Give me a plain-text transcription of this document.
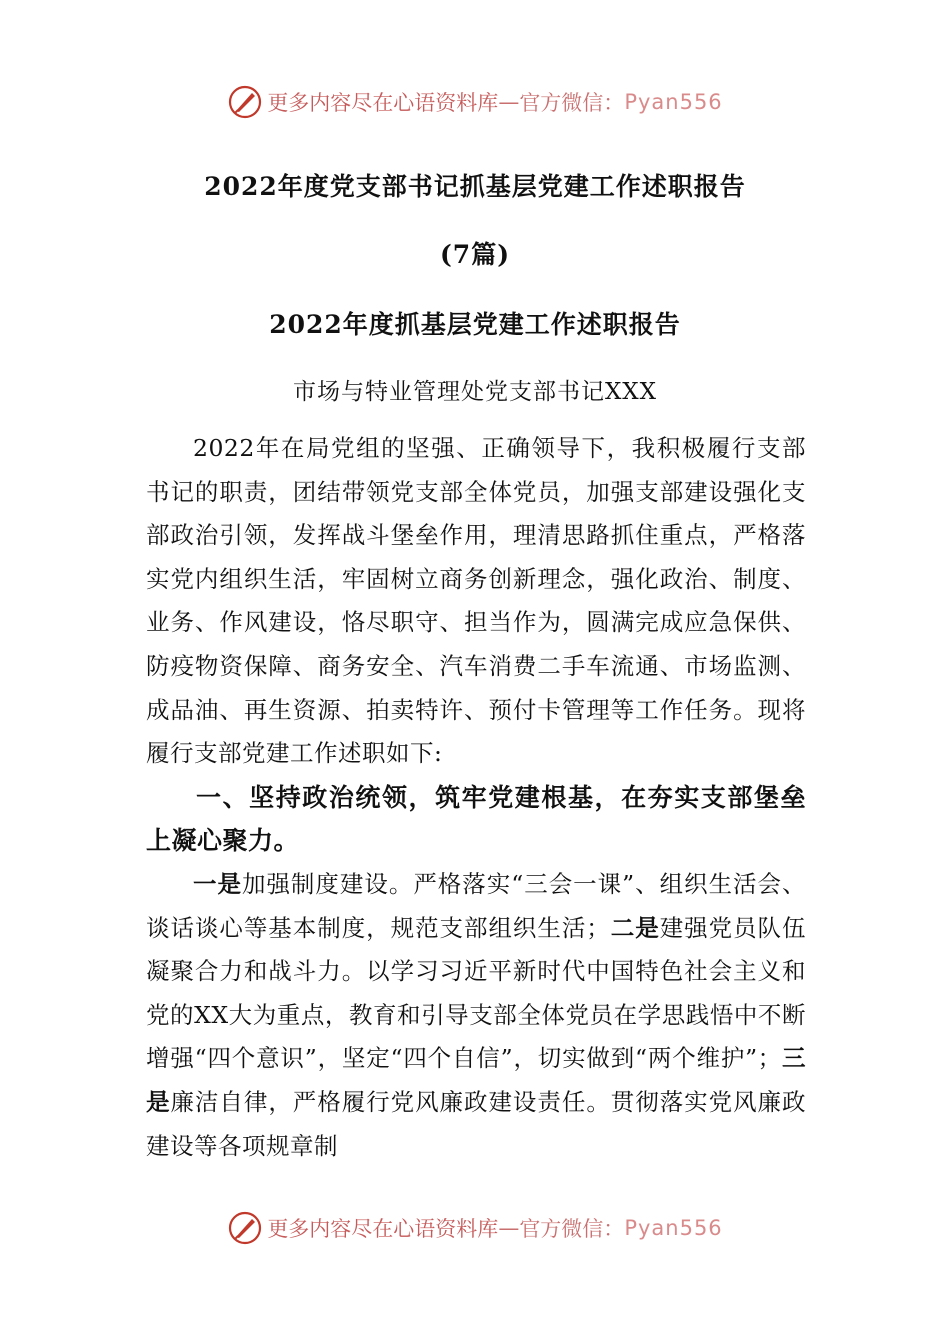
更多内容尽在心语资料库 — 官方微信： Pyan556
2022年度党支部书记抓基层党建工作述职报告
(7篇)
2022年度抓基层党建工作述职报告
市场与特业管理处党支部书记XXX

2022年在局党组的坚强、正确领导下，我积极履行支部书记的职责，团结带领党支部全体党员，加强支部建设强化支部政治引领，发挥战斗堡垒作用，理清思路抓住重点，严格落实党内组织生活，牢固树立商务创新理念，强化政治、制度、业务、作风建设，恪尽职守、担当作为，圆满完成应急保供、防疫物资保障、商务安全、汽车消费二手车流通、市场监测、成品油、再生资源、拍卖特许、预付卡管理等工作任务。现将履行支部党建工作述职如下:

一、坚持政治统领，筑牢党建根基，在夯实支部堡垒上凝心聚力。

一是加强制度建设。严格落实“三会一课”、组织生活会、谈话谈心等基本制度，规范支部组织生活；二是建强党员队伍凝聚合力和战斗力。以学习习近平新时代中国特色社会主义和党的XX大为重点，教育和引导支部全体党员在学思践悟中不断增强“四个意识”，坚定“四个自信”，切实做到“两个维护”；三是廉洁自律，严格履行党风廉政建设责任。贯彻落实党风廉政建设等各项规章制

更多内容尽在心语资料库 — 官方微信： Pyan556
